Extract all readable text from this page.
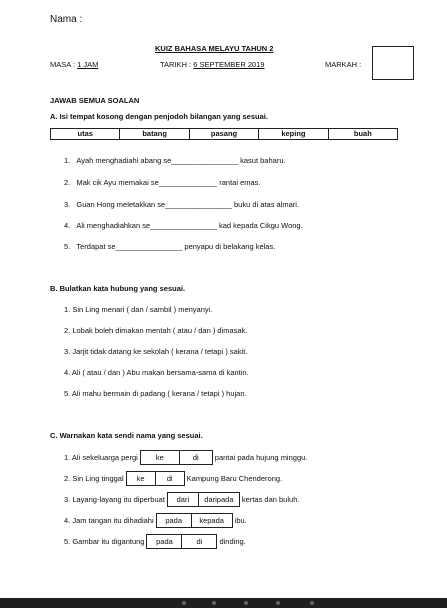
Nama :
KUIZ BAHASA MELAYU TAHUN 2
MASA : 1 JAM	TARIKH : 6 SEPTEMBER 2019	MARKAH :
JAWAB SEMUA SOALAN
A. Isi tempat kosong dengan penjodoh bilangan yang sesuai.
utas	batang	pasang	keping	buah
1. Ayah menghadiahi abang se________________ kasut baharu.
2. Mak cik Ayu memakai se______________ rantai emas.
3. Guan Hong meletakkan se________________ buku di atas almari.
4. Ali menghadiahkan se________________ kad kepada Cikgu Wong.
5. Terdapat se________________ penyapu di belakang kelas.
B. Bulatkan kata hubung yang sesuai.
1. Sin Ling menari ( dan / sambil ) menyanyi.
2. Lobak boleh dimakan mentah ( atau / dan ) dimasak.
3. Jarjit tidak datang ke sekolah ( kerana / tetapi ) sakit.
4. Ali ( atau / dan ) Abu makan bersama-sama di kantin.
5. Ali mahu bermain di padang ( kerana / tetapi ) hujan.
C. Warnakan kata sendi nama yang sesuai.
1. Ali sekeluarga pergi	ke	di	pantai pada hujung minggu.
2. Sin Ling tinggal	ke	di	Kampung Baru Chenderong.
3. Layang-layang itu diperbuat	dari	daripada	kertas dan buluh.
4. Jam tangan itu dihadiahi	pada	kepada	ibu.
5. Gambar itu digantung	pada	di	dinding.
